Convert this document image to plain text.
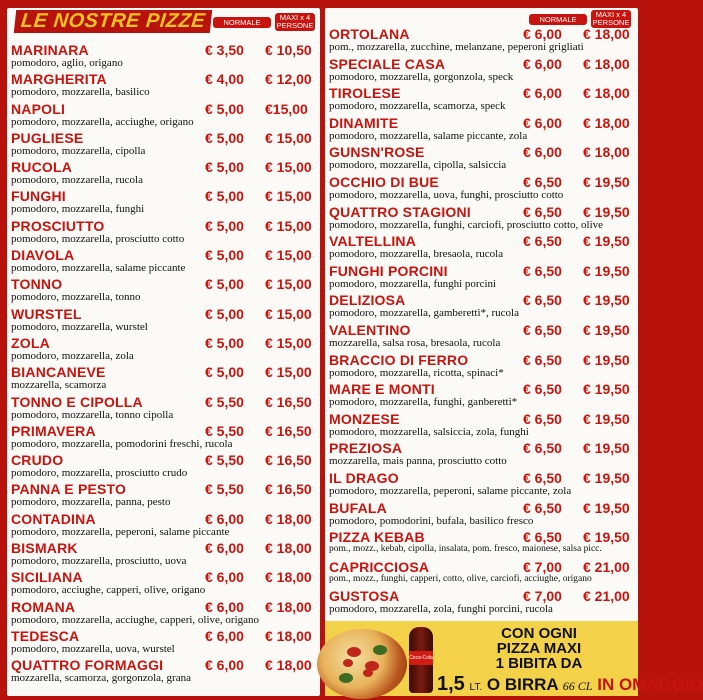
LE NOSTRE PIZZE	NORMALE	MAXI x 4 PERSONE
MARINARA	€ 3,50 € 10,50
pomodoro, aglio, origano
MARGHERITA	€ 4,00 € 12,00
pomodoro, mozzarella, basilico
NAPOLI	€ 5,00 €15,00
pomodoro, mozzarella, acciughe, origano
PUGLIESE	€ 5,00 € 15,00
pomodoro, mozzarella, cipolla
RUCOLA	€ 5,00 € 15,00
pomodoro, mozzarella, rucola
FUNGHI	€ 5,00 € 15,00
pomodoro, mozzarella, funghi
PROSCIUTTO	€ 5,00 € 15,00
pomodoro, mozzarella, prosciutto cotto
DIAVOLA	€ 5,00 € 15,00
pomodoro, mozzarella, salame piccante
TONNO	€ 5,00 € 15,00
pomodoro, mozzarella, tonno
WURSTEL	€ 5,00 € 15,00
pomodoro, mozzarella, wurstel
ZOLA	€ 5,00 € 15,00
pomodoro, mozzarella, zola
BIANCANEVE	€ 5,00 € 15,00
mozzarella, scamorza
TONNO E CIPOLLA	€ 5,50 € 16,50
pomodoro, mozzarella, tonno cipolla
PRIMAVERA	€ 5,50 € 16,50
pomodoro, mozzarella, pomodorini freschi, rucola
CRUDO	€ 5,50 € 16,50
pomodoro, mozzarella, prosciutto crudo
PANNA E PESTO	€ 5,50 € 16,50
pomodoro, mozzarella, panna, pesto
CONTADINA	€ 6,00 € 18,00
pomodoro, mozzarella, peperoni, salame piccante
BISMARK	€ 6,00 € 18,00
pomodoro, mozzarella, prosciutto, uova
SICILIANA	€ 6,00 € 18,00
pomodoro, acciughe, capperi, olive, origano
ROMANA	€ 6,00 € 18,00
pomodoro, mozzarella, acciughe, capperi, olive, origano
TEDESCA	€ 6,00 € 18,00
pomodoro, mozzarella, uova, wurstel
QUATTRO FORMAGGI	€ 6,00 € 18,00
mozzarella, scamorza, gorgonzola, grana
NORMALE	MAXI x 4 PERSONE
ORTOLANA	€ 6,00 € 18,00
pom., mozzarella, zucchine, melanzane, peperoni grigliati
SPECIALE CASA	€ 6,00 € 18,00
pomodoro, mozzarella, gorgonzola, speck
TIROLESE	€ 6,00 € 18,00
pomodoro, mozzarella, scamorza, speck
DINAMITE	€ 6,00 € 18,00
pomodoro, mozzarella, salame piccante, zola
GUNSN'ROSE	€ 6,00 € 18,00
pomodoro, mozzarella, cipolla, salsiccia
OCCHIO DI BUE	€ 6,50 € 19,50
pomodoro, mozzarella, uova, funghi, prosciutto cotto
QUATTRO STAGIONI	€ 6,50 € 19,50
pomodoro, mozzarella, funghi, carciofi, prosciutto cotto, olive
VALTELLINA	€ 6,50 € 19,50
pomodoro, mozzarella, bresaola, rucola
FUNGHI PORCINI	€ 6,50 € 19,50
pomodoro, mozzarella, funghi porcini
DELIZIOSA	€ 6,50 € 19,50
pomodoro, mozzarella, gamberetti*, rucola
VALENTINO	€ 6,50 € 19,50
mozzarella, salsa rosa, bresaola, rucola
BRACCIO DI FERRO	€ 6,50 € 19,50
pomodoro, mozzarella, ricotta, spinaci*
MARE E MONTI	€ 6,50 € 19,50
pomodoro, mozzarella, funghi, ganberetti*
MONZESE	€ 6,50 € 19,50
pomodoro, mozzarella, salsiccia, zola, funghi
PREZIOSA	€ 6,50 € 19,50
mozzarella, mais panna, prosciutto cotto
IL DRAGO	€ 6,50 € 19,50
pomodoro, mozzarella, peperoni, salame piccante, zola
BUFALA	€ 6,50 € 19,50
pomodoro, pomodorini, bufala, basilico fresco
PIZZA KEBAB	€ 6,50 € 19,50
pom., mozz., kebab, cipolla, insalata, pom. fresco, maionese, salsa picc.
CAPRICCIOSA	€ 7,00 € 21,00
pom., mozz., funghi, capperi, cotto, olive, carciofi, acciughe, origano
GUSTOSA	€ 7,00 € 21,00
pomodoro, mozzarella, zola, funghi porcini, rucola
Coca-Cola
CON OGNI
PIZZA MAXI
1 BIBITA DA
1,5 LT. O BIRRA 66 CL IN OMAGGIO
